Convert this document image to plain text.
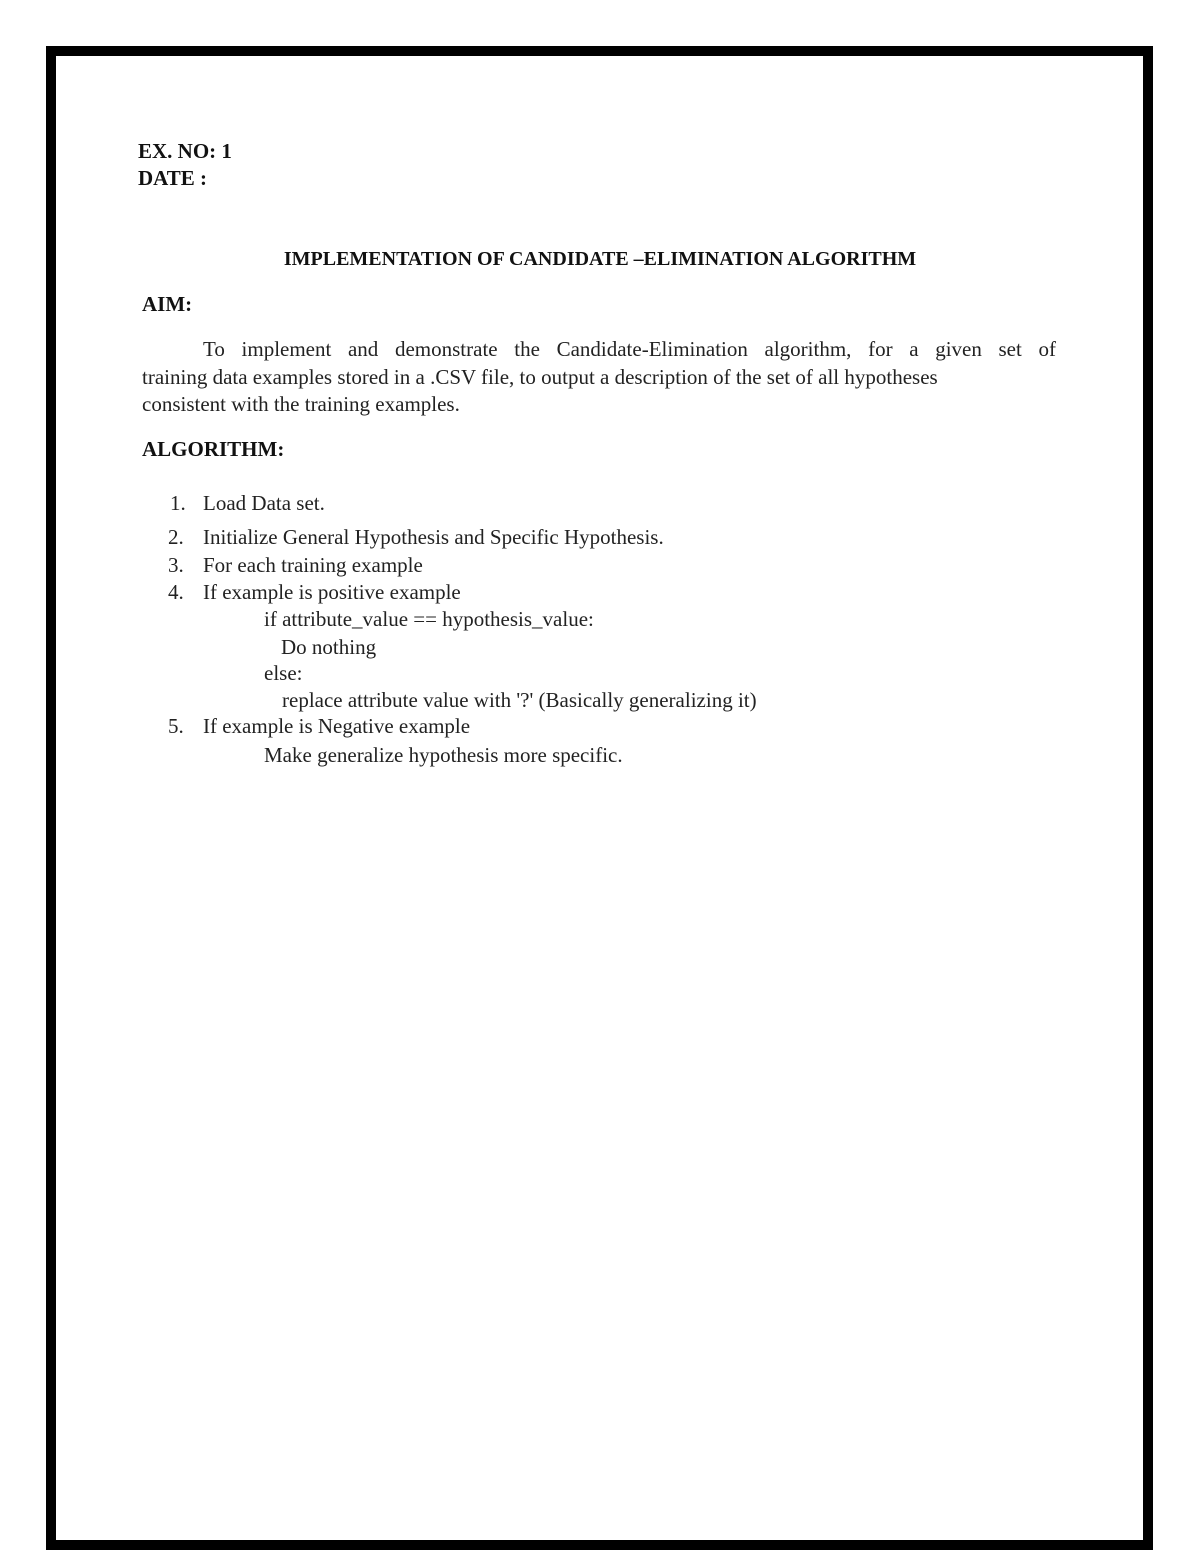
EX. NO: 1
DATE :
IMPLEMENTATION OF CANDIDATE –ELIMINATION ALGORITHM
AIM:
To implement and demonstrate the Candidate-Elimination algorithm, for a given set of
training data examples stored in a .CSV file, to output a description of the set of all hypotheses
consistent with the training examples.
ALGORITHM:
1. Load Data set.
2. Initialize General Hypothesis and Specific Hypothesis.
3. For each training example
4. If example is positive example
if attribute_value == hypothesis_value:
Do nothing
else:
replace attribute value with '?' (Basically generalizing it)
5. If example is Negative example
Make generalize hypothesis more specific.
